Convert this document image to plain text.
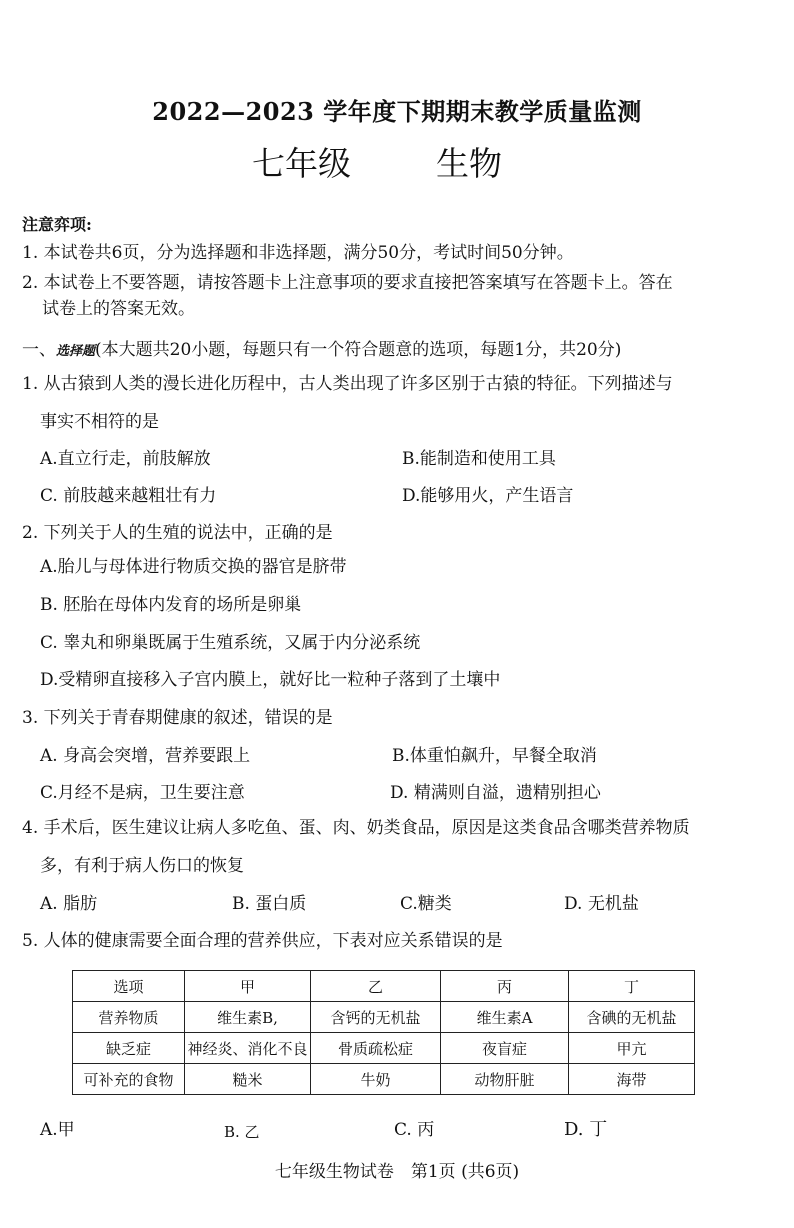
2022—2023 学年度下期期末教学质量监测
七年级	生物
注意弈项:
1. 本试卷共6页，分为选择题和非选择题，满分50分，考试时间50分钟。
2. 本试卷上不要答题，请按答题卡上注意事项的要求直接把答案填写在答题卡上。答在
试卷上的答案无效。
一、选择题(本大题共20小题，每题只有一个符合题意的选项，每题1分，共20分)
1. 从古猿到人类的漫长进化历程中，古人类出现了许多区别于古猿的特征。下列描述与
事实不相符的是
A.直立行走，前肢解放	B.能制造和使用工具
C. 前肢越来越粗壮有力	D.能够用火，产生语言
2. 下列关于人的生殖的说法中，正确的是
A.胎儿与母体进行物质交换的器官是脐带
B. 胚胎在母体内发育的场所是卵巢
C. 睾丸和卵巢既属于生殖系统，又属于内分泌系统
D.受精卵直接移入子宫内膜上，就好比一粒种子落到了土壤中
3. 下列关于青春期健康的叙述，错误的是
A. 身高会突增，营养要跟上	B.体重怕飙升，早餐全取消
C.月经不是病，卫生要注意	D. 精满则自溢，遗精别担心
4. 手术后，医生建议让病人多吃鱼、蛋、肉、奶类食品，原因是这类食品含哪类营养物质
多，有利于病人伤口的恢复
A. 脂肪	B. 蛋白质	C.糖类	D. 无机盐
5. 人体的健康需要全面合理的营养供应，下表对应关系错误的是
选项	甲	乙	丙	丁
营养物质	维生素B,	含钙的无机盐	维生素A	含碘的无机盐
缺乏症	神经炎、消化不良	骨质疏松症	夜盲症	甲亢
可补充的食物	糙米	牛奶	动物肝脏	海带
A.甲	B. 乙	C. 丙	D. 丁
七年级生物试卷　第1页 (共6页)
